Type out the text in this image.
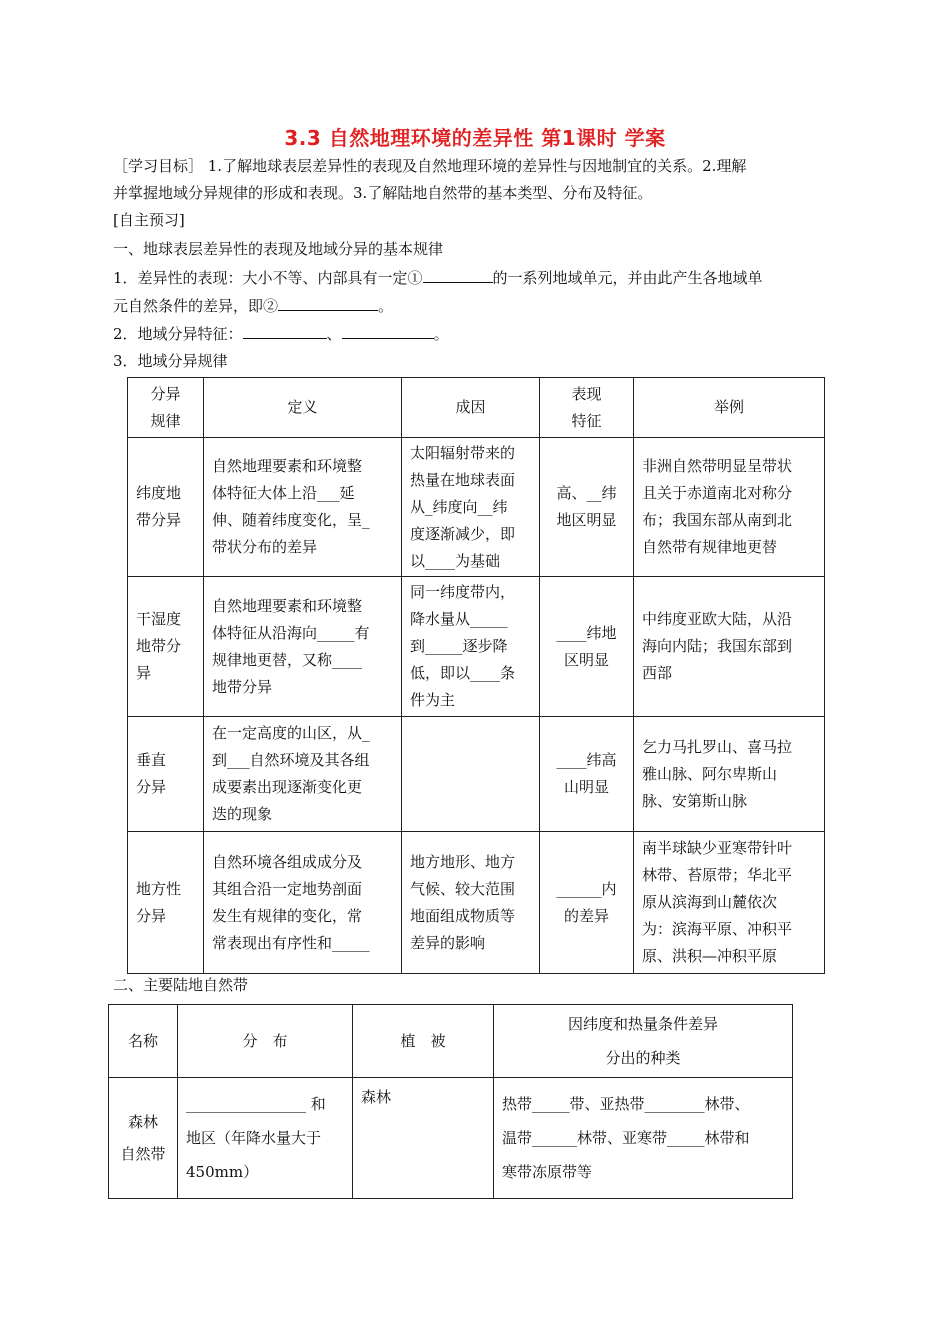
3.3 自然地理环境的差异性 第1课时 学案
［学习目标］ 1.了解地球表层差异性的表现及自然地理环境的差异性与因地制宜的关系。2.理解
并掌握地域分异规律的形成和表现。3.了解陆地自然带的基本类型、分布及特征。
[自主预习]
一、地球表层差异性的表现及地域分异的基本规律
1．差异性的表现：大小不等、内部具有一定①	的一系列地域单元，并由此产生各地域单
元自然条件的差异，即②	。
2．地域分异特征：	、	。
3．地域分异规律
分异
规律	定义	成因	表现
特征	举例
纬度地
带分异	自然地理要素和环境整
体特征大体上沿___延
伸、随着纬度变化，呈_
带状分布的差异	太阳辐射带来的
热量在地球表面
从_纬度向__纬
度逐渐减少，即
以____为基础	高、__纬
地区明显	非洲自然带明显呈带状
且关于赤道南北对称分
布；我国东部从南到北
自然带有规律地更替
干湿度
地带分
异	自然地理要素和环境整
体特征从沿海向_____有
规律地更替，又称____
地带分异	同一纬度带内，
降水量从_____
到_____逐步降
低，即以____条
件为主	____纬地
区明显	中纬度亚欧大陆，从沿
海向内陆；我国东部到
西部
垂直
分异	在一定高度的山区，从_
到___自然环境及其各组
成要素出现逐渐变化更
迭的现象		____纬高
山明显	乞力马扎罗山、喜马拉
雅山脉、阿尔卑斯山
脉、安第斯山脉
地方性
分异	自然环境各组成成分及
其组合沿一定地势剖面
发生有规律的变化，常
常表现出有序性和_____	地方地形、地方
气候、较大范围
地面组成物质等
差异的影响	______内
的差异	南半球缺少亚寒带针叶
林带、苔原带；华北平
原从滨海到山麓依次
为：滨海平原、冲积平
原、洪积—冲积平原
二、主要陆地自然带
名称	分　布	植　被	因纬度和热量条件差异
分出的种类
森林
自然带	________________ 和
地区（年降水量大于
450mm）	森林	热带_____带、亚热带________林带、
温带______林带、亚寒带_____林带和
寒带冻原带等
